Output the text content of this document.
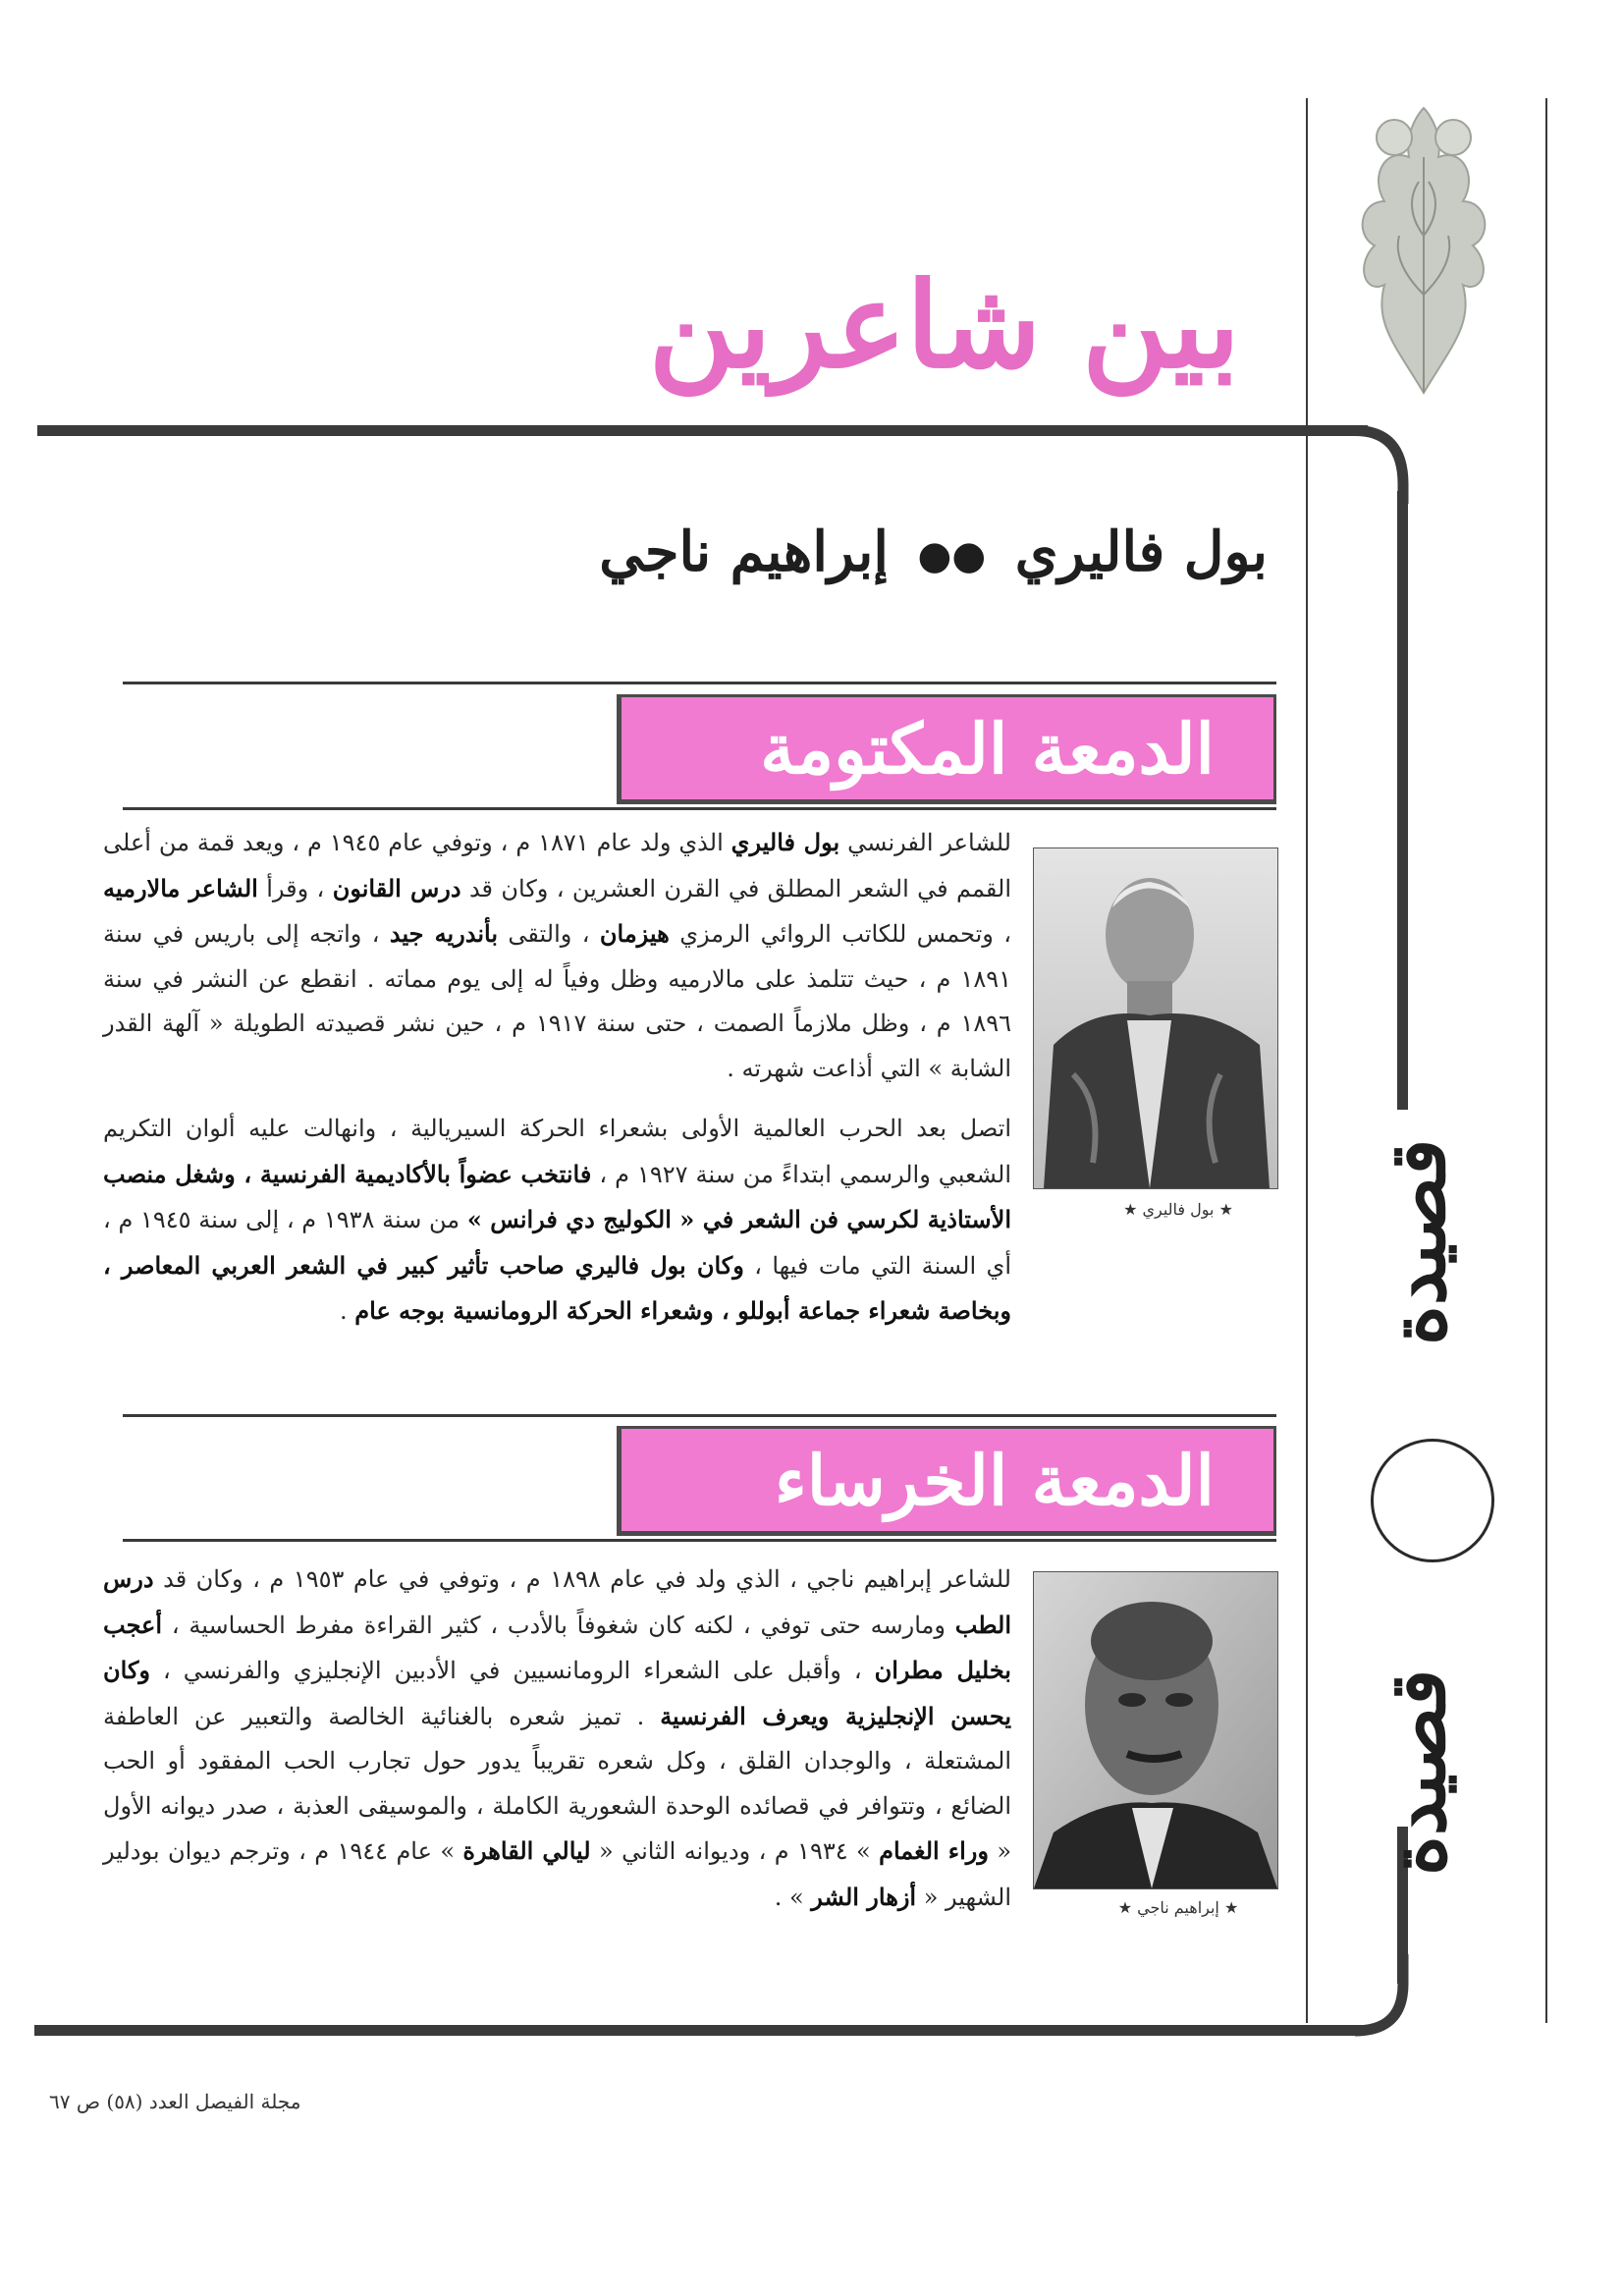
بين شاعرين
بول فاليري ●● إبراهيم ناجي
الدمعة المكتومة
★ بول فاليري ★
للشاعر الفرنسي بول فاليري الذي ولد عام ١٨٧١ م ، وتوفي عام ١٩٤٥ م ، ويعد قمة من أعلى القمم في الشعر المطلق في القرن العشرين ، وكان قد درس القانون ، وقرأ الشاعر مالارميه ، وتحمس للكاتب الروائي الرمزي هيزمان ، والتقى بأندريه جيد ، واتجه إلى باريس في سنة ١٨٩١ م ، حيث تتلمذ على مالارميه وظل وفياً له إلى يوم مماته . انقطع عن النشر في سنة ١٨٩٦ م ، وظل ملازماً الصمت ، حتى سنة ١٩١٧ م ، حين نشر قصيدته الطويلة « آلهة القدر الشابة » التي أذاعت شهرته .
اتصل بعد الحرب العالمية الأولى بشعراء الحركة السيريالية ، وانهالت عليه ألوان التكريم الشعبي والرسمي ابتداءً من سنة ١٩٢٧ م ، فانتخب عضواً بالأكاديمية الفرنسية ، وشغل منصب الأستاذية لكرسي فن الشعر في « الكوليج دي فرانس » من سنة ١٩٣٨ م ، إلى سنة ١٩٤٥ م ، أي السنة التي مات فيها ، وكان بول فاليري صاحب تأثير كبير في الشعر العربي المعاصر ، وبخاصة شعراء جماعة أبوللو ، وشعراء الحركة الرومانسية بوجه عام .
الدمعة الخرساء
★ إبراهيم ناجي ★
للشاعر إبراهيم ناجي ، الذي ولد في عام ١٨٩٨ م ، وتوفي في عام ١٩٥٣ م ، وكان قد درس الطب ومارسه حتى توفي ، لكنه كان شغوفاً بالأدب ، كثير القراءة مفرط الحساسية ، أعجب بخليل مطران ، وأقبل على الشعراء الرومانسيين في الأدبين الإنجليزي والفرنسي ، وكان يحسن الإنجليزية ويعرف الفرنسية . تميز شعره بالغنائية الخالصة والتعبير عن العاطفة المشتعلة ، والوجدان القلق ، وكل شعره تقريباً يدور حول تجارب الحب المفقود أو الحب الضائع ، وتتوافر في قصائده الوحدة الشعورية الكاملة ، والموسيقى العذبة ، صدر ديوانه الأول « وراء الغمام » ١٩٣٤ م ، وديوانه الثاني « ليالي القاهرة » عام ١٩٤٤ م ، وترجم ديوان بودلير الشهير « أزهار الشر » .
قصيدة
قصيدة
مجلة الفيصل العدد (٥٨) ص ٦٧
